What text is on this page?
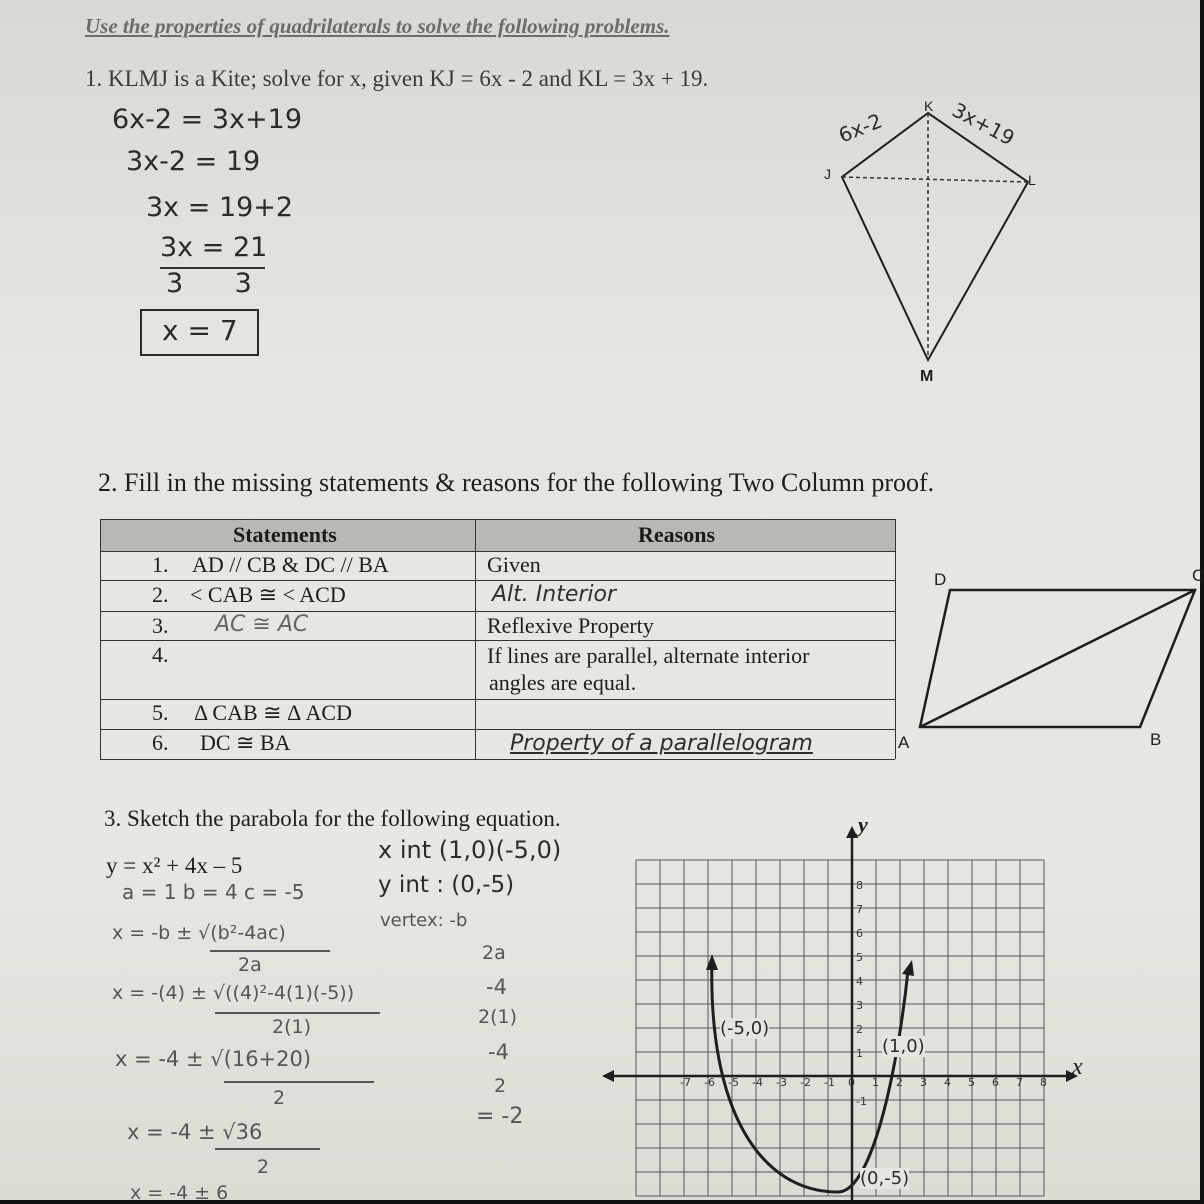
Use the properties of quadrilaterals to solve the following problems.
1. KLMJ is a Kite; solve for x, given KJ = 6x - 2 and KL = 3x + 19.
6x-2 = 3x+19
3x-2 = 19
3x = 19+2
3x = 21
3      3
x = 7
K
J	L
M
6x-2	3x+19
2. Fill in the missing statements & reasons for the following Two Column proof.
Statements	Reasons
1. AD // CB & DC // BA	Given
2. < CAB ≅ < ACD	Alt. Interior
3. AC ≅ AC	Reflexive Property
4.	If lines are parallel, alternate interior
angles are equal.
5. Δ CAB ≅ Δ ACD
6. DC ≅ BA	Property of a parallelogram
D	C
A	B
3. Sketch the parabola for the following equation.
y = x² + 4x – 5
a = 1 b = 4 c = -5
x = -b ± √(b²-4ac)
2a
x = -(4) ± √((4)²-4(1)(-5))
2(1)
x = -4 ± √(16+20)
2
x = -4 ± √36
2
x = -4 ± 6
x int (1,0)(-5,0)
y int : (0,-5)
vertex: -b
2a
-4
2(1)
-4
2
= -2
-7 -6 -5 -4 -3 -2 -1 0 1 2 3 4 5 6 7 8
8
7
6
5
4
3
2
1
-1
y
x
(-5,0)
(1,0)
(0,-5)
